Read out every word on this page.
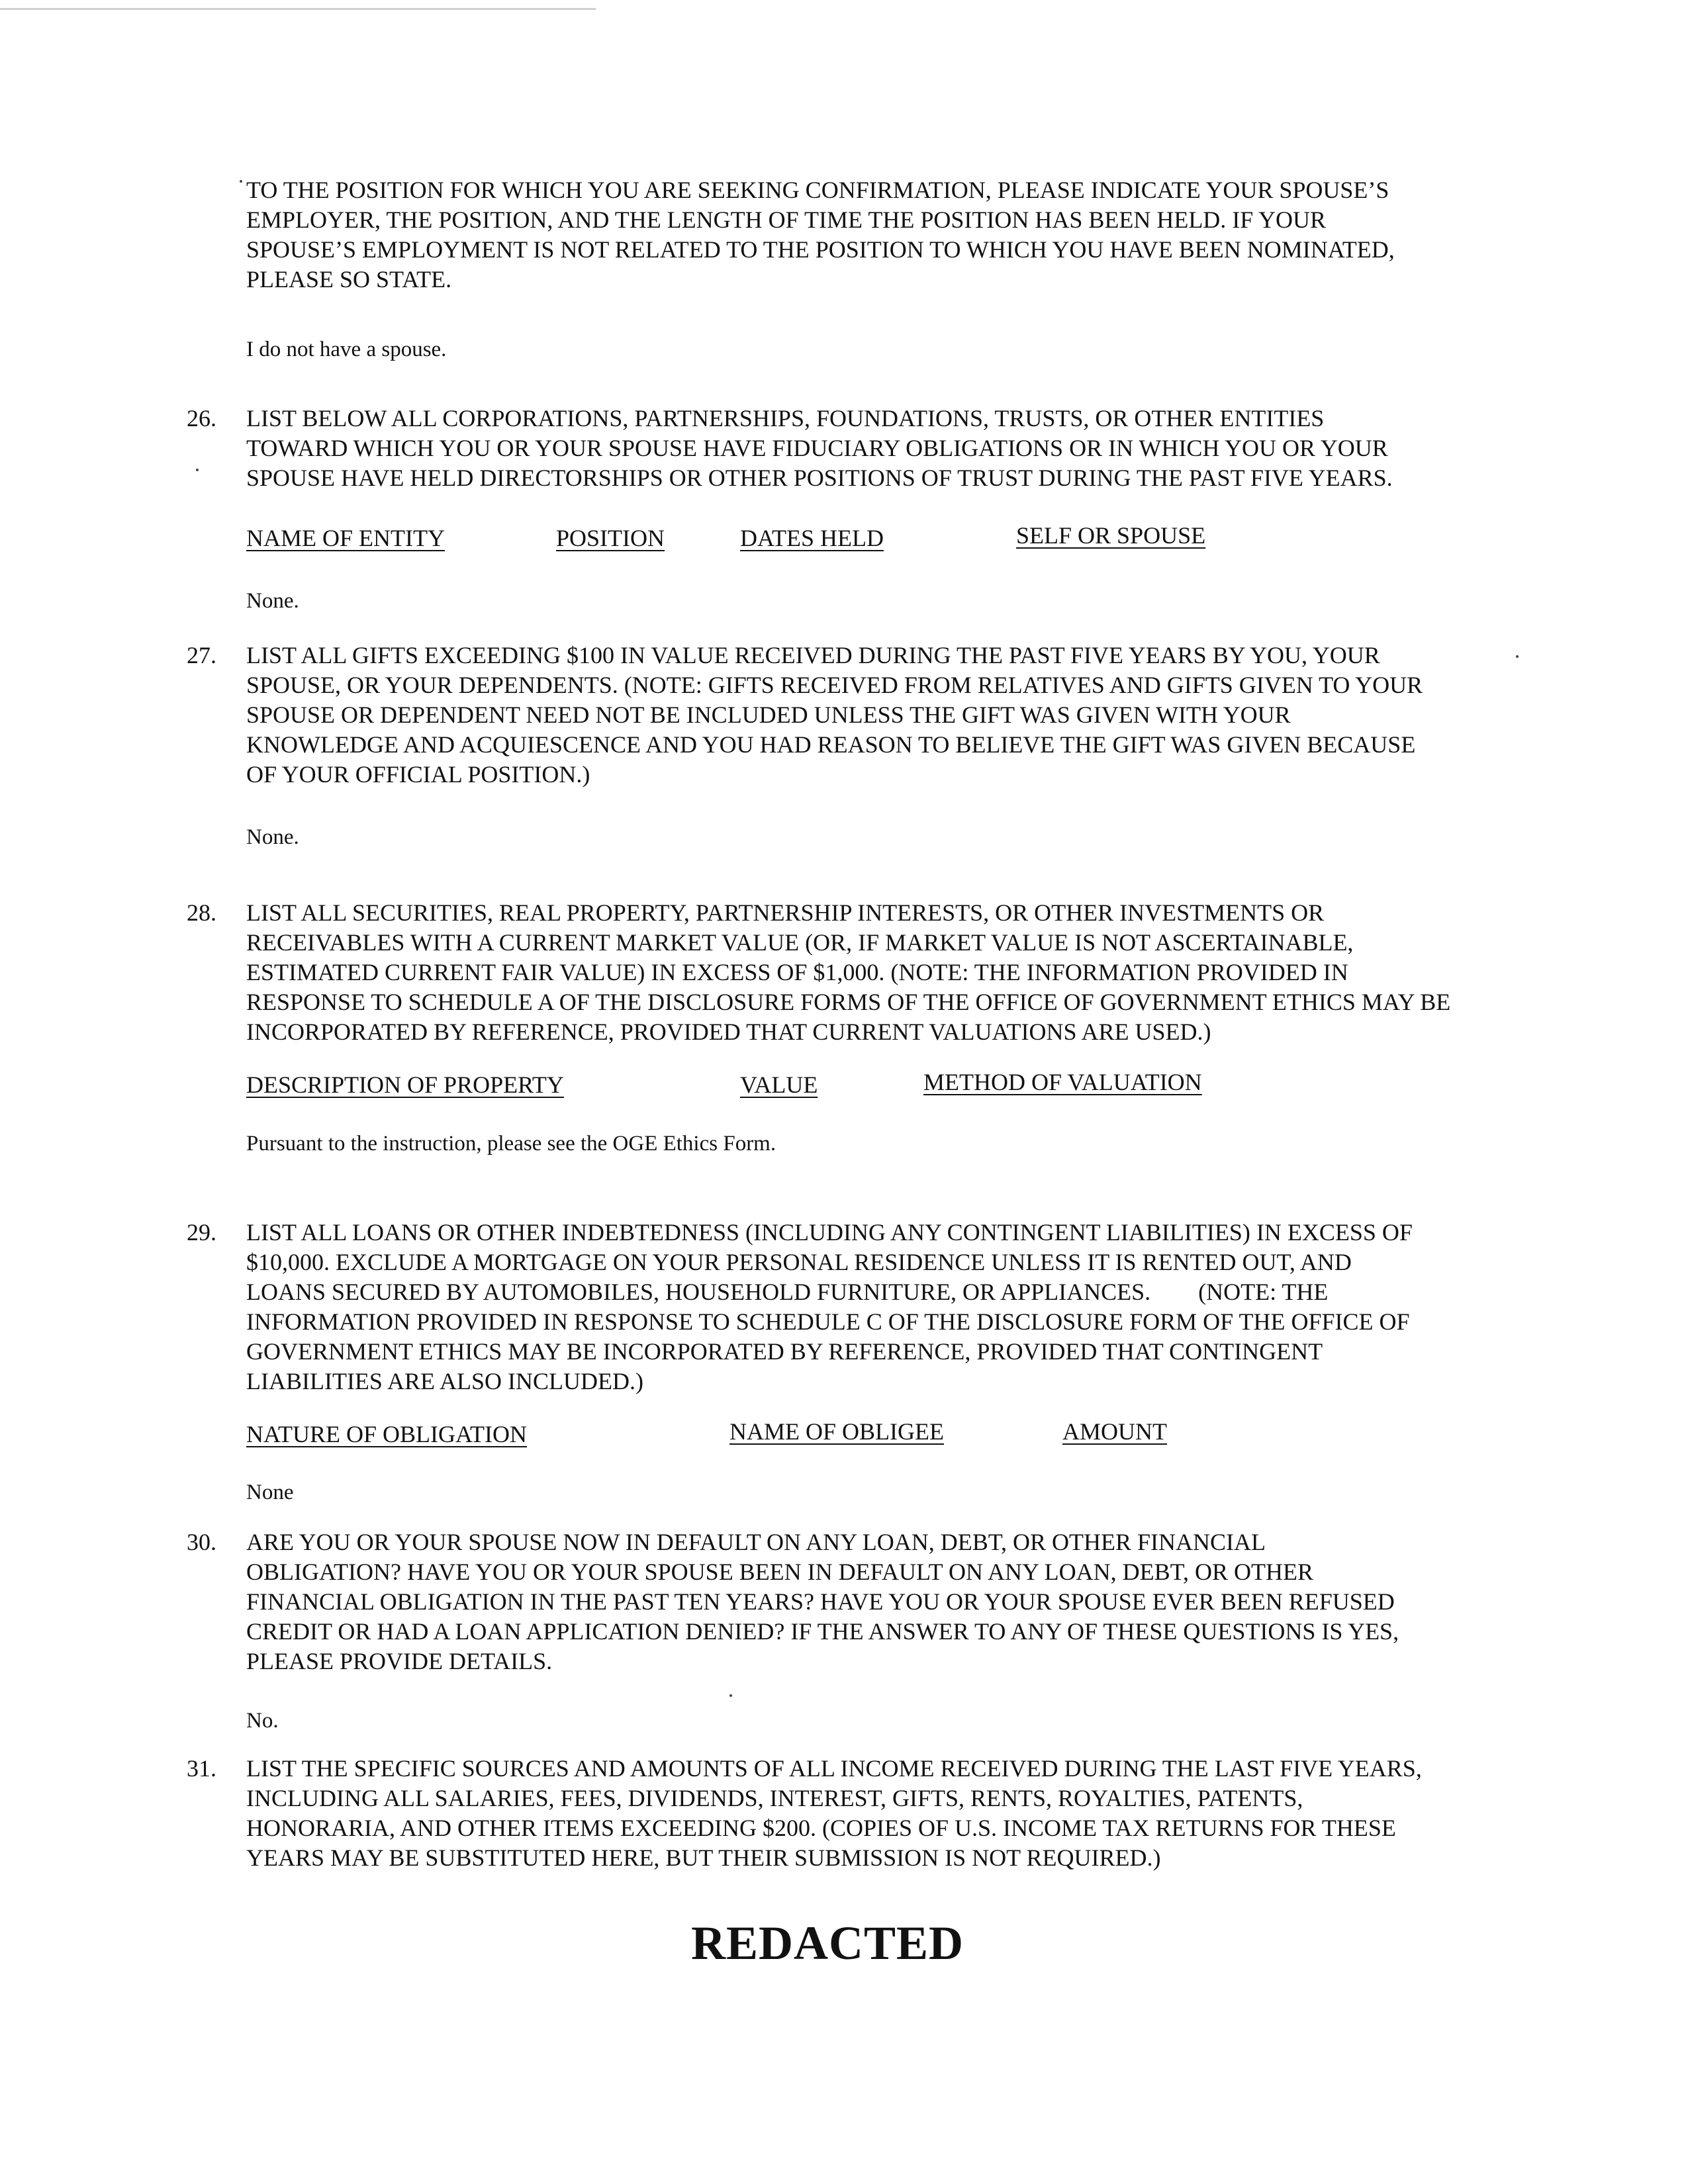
TO THE POSITION FOR WHICH YOU ARE SEEKING CONFIRMATION, PLEASE INDICATE YOUR SPOUSE’S
EMPLOYER, THE POSITION, AND THE LENGTH OF TIME THE POSITION HAS BEEN HELD. IF YOUR
SPOUSE’S EMPLOYMENT IS NOT RELATED TO THE POSITION TO WHICH YOU HAVE BEEN NOMINATED,
PLEASE SO STATE.
I do not have a spouse.
26. LIST BELOW ALL CORPORATIONS, PARTNERSHIPS, FOUNDATIONS, TRUSTS, OR OTHER ENTITIES
TOWARD WHICH YOU OR YOUR SPOUSE HAVE FIDUCIARY OBLIGATIONS OR IN WHICH YOU OR YOUR
SPOUSE HAVE HELD DIRECTORSHIPS OR OTHER POSITIONS OF TRUST DURING THE PAST FIVE YEARS.
NAME OF ENTITY	POSITION	DATES HELD	SELF OR SPOUSE
None.
27. LIST ALL GIFTS EXCEEDING $100 IN VALUE RECEIVED DURING THE PAST FIVE YEARS BY YOU, YOUR
SPOUSE, OR YOUR DEPENDENTS. (NOTE: GIFTS RECEIVED FROM RELATIVES AND GIFTS GIVEN TO YOUR
SPOUSE OR DEPENDENT NEED NOT BE INCLUDED UNLESS THE GIFT WAS GIVEN WITH YOUR
KNOWLEDGE AND ACQUIESCENCE AND YOU HAD REASON TO BELIEVE THE GIFT WAS GIVEN BECAUSE
OF YOUR OFFICIAL POSITION.)
None.
28. LIST ALL SECURITIES, REAL PROPERTY, PARTNERSHIP INTERESTS, OR OTHER INVESTMENTS OR
RECEIVABLES WITH A CURRENT MARKET VALUE (OR, IF MARKET VALUE IS NOT ASCERTAINABLE,
ESTIMATED CURRENT FAIR VALUE) IN EXCESS OF $1,000. (NOTE: THE INFORMATION PROVIDED IN
RESPONSE TO SCHEDULE A OF THE DISCLOSURE FORMS OF THE OFFICE OF GOVERNMENT ETHICS MAY BE
INCORPORATED BY REFERENCE, PROVIDED THAT CURRENT VALUATIONS ARE USED.)
DESCRIPTION OF PROPERTY	VALUE	METHOD OF VALUATION
Pursuant to the instruction, please see the OGE Ethics Form.
29. LIST ALL LOANS OR OTHER INDEBTEDNESS (INCLUDING ANY CONTINGENT LIABILITIES) IN EXCESS OF
$10,000. EXCLUDE A MORTGAGE ON YOUR PERSONAL RESIDENCE UNLESS IT IS RENTED OUT, AND
LOANS SECURED BY AUTOMOBILES, HOUSEHOLD FURNITURE, OR APPLIANCES.        (NOTE: THE
INFORMATION PROVIDED IN RESPONSE TO SCHEDULE C OF THE DISCLOSURE FORM OF THE OFFICE OF
GOVERNMENT ETHICS MAY BE INCORPORATED BY REFERENCE, PROVIDED THAT CONTINGENT
LIABILITIES ARE ALSO INCLUDED.)
NATURE OF OBLIGATION	NAME OF OBLIGEE	AMOUNT
None
30. ARE YOU OR YOUR SPOUSE NOW IN DEFAULT ON ANY LOAN, DEBT, OR OTHER FINANCIAL
OBLIGATION? HAVE YOU OR YOUR SPOUSE BEEN IN DEFAULT ON ANY LOAN, DEBT, OR OTHER
FINANCIAL OBLIGATION IN THE PAST TEN YEARS? HAVE YOU OR YOUR SPOUSE EVER BEEN REFUSED
CREDIT OR HAD A LOAN APPLICATION DENIED? IF THE ANSWER TO ANY OF THESE QUESTIONS IS YES,
PLEASE PROVIDE DETAILS.
No.
31. LIST THE SPECIFIC SOURCES AND AMOUNTS OF ALL INCOME RECEIVED DURING THE LAST FIVE YEARS,
INCLUDING ALL SALARIES, FEES, DIVIDENDS, INTEREST, GIFTS, RENTS, ROYALTIES, PATENTS,
HONORARIA, AND OTHER ITEMS EXCEEDING $200. (COPIES OF U.S. INCOME TAX RETURNS FOR THESE
YEARS MAY BE SUBSTITUTED HERE, BUT THEIR SUBMISSION IS NOT REQUIRED.)
REDACTED
